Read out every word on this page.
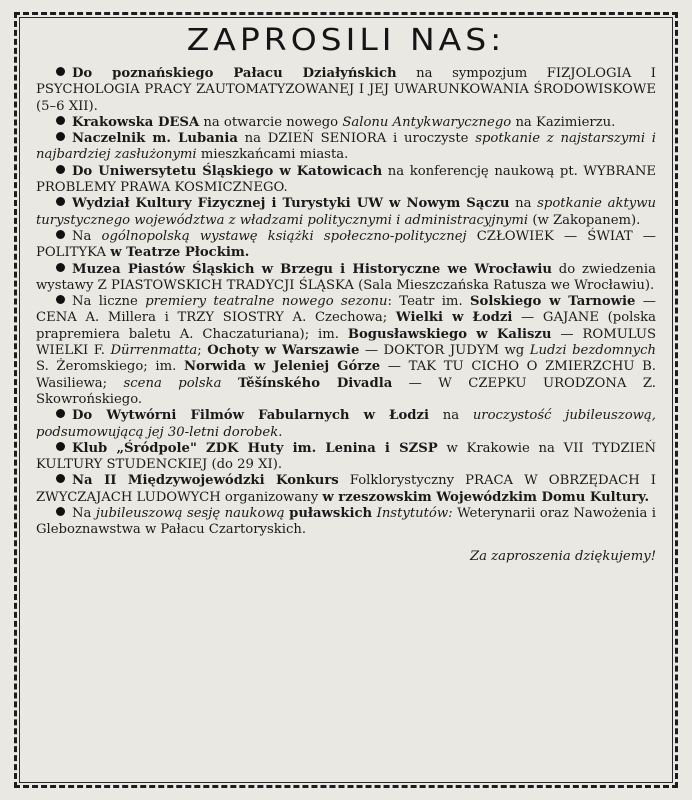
ZAPROSILI NAS:

Do poznańskiego Pałacu Działyńskich na sympozjum FIZJOLOGIA I PSYCHOLOGIA PRACY ZAUTOMATYZOWANEJ I JEJ UWARUNKOWANIA ŚRODOWISKOWE (5–6 XII).

Krakowska DESA na otwarcie nowego Salonu Antykwarycznego na Kazimierzu.

Naczelnik m. Lubania na DZIEŃ SENIORA i uroczyste spotkanie z najstarszymi i najbardziej zasłużonymi mieszkańcami miasta.

Do Uniwersytetu Śląskiego w Katowicach na konferencję naukową pt. WYBRANE PROBLEMY PRAWA KOSMICZNEGO.

Wydział Kultury Fizycznej i Turystyki UW w Nowym Sączu na spotkanie aktywu turystycznego województwa z władzami politycznymi i administracyjnymi (w Zakopanem).

Na ogólnopolską wystawę książki społeczno-politycznej CZŁOWIEK — ŚWIAT — POLITYKA w Teatrze Płockim.

Muzea Piastów Śląskich w Brzegu i Historyczne we Wrocławiu do zwiedzenia wystawy Z PIASTOWSKICH TRADYCJI ŚLĄSKA (Sala Mieszczańska Ratusza we Wrocławiu).

Na liczne premiery teatralne nowego sezonu: Teatr im. Solskiego w Tarnowie — CENA A. Millera i TRZY SIOSTRY A. Czechowa; Wielki w Łodzi — GAJANE (polska prapremiera baletu A. Chaczaturiana); im. Bogusławskiego w Kaliszu — ROMULUS WIELKI F. Dürrenmatta; Ochoty w Warszawie — DOKTOR JUDYM wg Ludzi bezdomnych S. Żeromskiego; im. Norwida w Jeleniej Górze — TAK TU CICHO O ZMIERZCHU B. Wasiliewa; scena polska Těšínského Divadla — W CZEPKU URODZONA Z. Skowrońskiego.

Do Wytwórni Filmów Fabularnych w Łodzi na uroczystość jubileuszową, podsumowującą jej 30-letni dorobek.

Klub „Śródpole" ZDK Huty im. Lenina i SZSP w Krakowie na VII TYDZIEŃ KULTURY STUDENCKIEJ (do 29 XI).

Na II Międzywojewódzki Konkurs Folklorystyczny PRACA W OBRZĘDACH I ZWYCZAJACH LUDOWYCH organizowany w rzeszowskim Wojewódzkim Domu Kultury.

Na jubileuszową sesję naukową puławskich Instytutów: Weterynarii oraz Nawożenia i Gleboznawstwa w Pałacu Czartoryskich.

Za zaproszenia dziękujemy!
